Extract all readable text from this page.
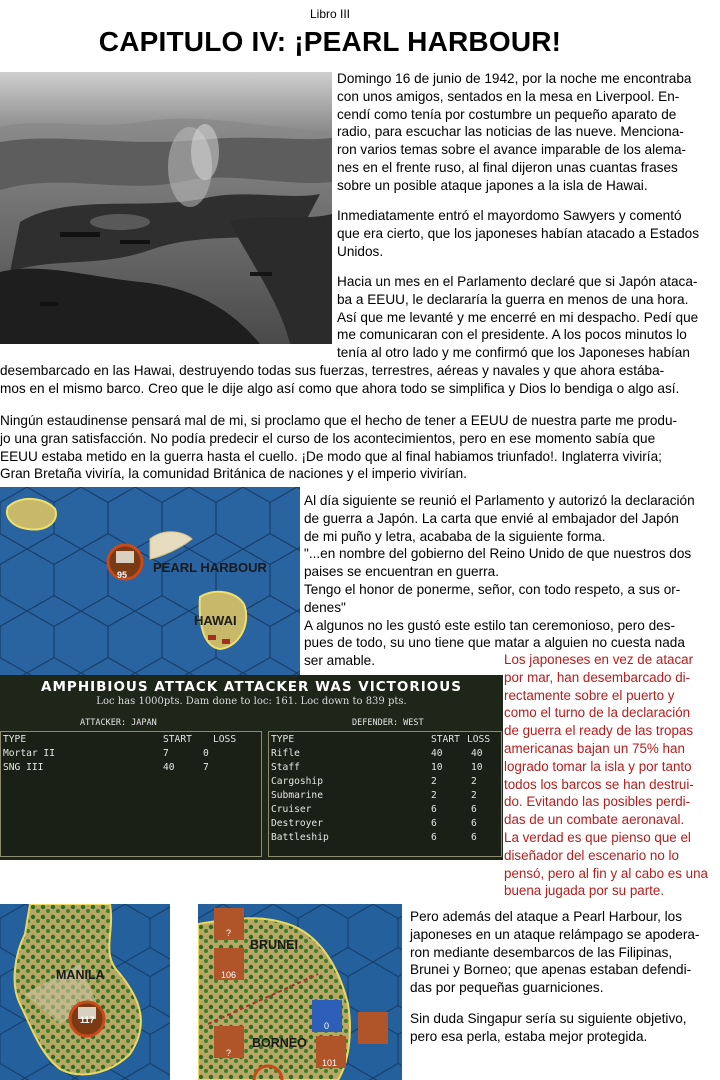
Libro III
CAPITULO IV: ¡PEARL HARBOUR!
Domingo 16 de junio de 1942, por la noche me encontraba
con unos amigos, sentados en la mesa en Liverpool. En-
cendí como tenía por costumbre un pequeño aparato de
radio, para escuchar las noticias de las nueve. Menciona-
ron varios temas sobre el avance imparable de los alema-
nes en el frente ruso, al final dijeron unas cuantas frases
sobre un posible ataque japones a la isla de Hawai.
Inmediatamente entró el mayordomo Sawyers y comentó
que era cierto, que los japoneses habían atacado a Estados
Unidos.
Hacia un mes en el Parlamento declaré que si Japón ataca-
ba a EEUU, le declararía la guerra en menos de una hora.
Así que me levanté y me encerré en mi despacho. Pedí que
me comunicaran con el presidente. A los pocos minutos lo
tenía al otro lado y me confirmó que los Japoneses habían
desembarcado en las Hawai, destruyendo todas sus fuerzas, terrestres, aéreas y navales y que ahora estába-
mos en el mismo barco. Creo que le dije algo así como que ahora todo se simplifica y Dios lo bendiga o algo así.
Ningún estaudinense pensará mal de mi, si proclamo que el hecho de tener a EEUU de nuestra parte me produ-
jo una gran satisfacción. No podía predecir el curso de los acontecimientos, pero en ese momento sabía que
EEUU estaba metido en la guerra hasta el cuello. ¡De modo que al final habiamos triunfado!. Inglaterra viviría;
Gran Bretaña viviría, la comunidad Británica de naciones y el imperio vivirían.
PEARL HARBOUR
HAWAI
95
Al día siguiente se reunió el Parlamento y autorizó la declaración
de guerra a Japón. La carta que envié al embajador del Japón
de mi puño y letra, acababa de la siguiente forma.
"...en nombre del gobierno del Reino Unido de que nuestros dos
paises se encuentran en guerra.
Tengo el honor de ponerme, señor, con todo respeto, a sus or-
denes"
A algunos no les gustó este estilo tan ceremonioso, pero des-
pues de todo, su uno tiene que matar a alguien no cuesta nada
ser amable.	Los japoneses en vez de atacar
por mar, han desembarcado di-
rectamente sobre el puerto y
como el turno de la declaración
de guerra el ready de las tropas
americanas bajan un 75% han
logrado tomar la isla y por tanto
todos los barcos se han destrui-
do. Evitando las posibles perdi-
das de un combate aeronaval.
La verdad es que pienso que el
diseñador del escenario no lo
pensó, pero al fin y al cabo es una
buena jugada por su parte.
AMPHIBIOUS ATTACK ATTACKER WAS VICTORIOUS
Loc has 1000pts. Dam done to loc: 161. Loc down to 839 pts.
ATTACKER: JAPAN	DEFENDER: WEST
TYPE	START LOSS
Mortar II	7	0
SNG III	40	7
TYPE	START LOSS
Rifle	40	40
Staff	10	10
Cargoship	2	2
Submarine	2	2
Cruiser	6	6
Destroyer	6	6
Battleship	6	6
MANILA
117
BRUNEI
BORNEO
?
106
?
0
101
Pero además del ataque a Pearl Harbour, los
japoneses en un ataque relámpago se apodera-
ron mediante desembarcos de las Filipinas,
Brunei y Borneo; que apenas estaban defendi-
das por pequeñas guarniciones.
Sin duda Singapur sería su siguiente objetivo,
pero esa perla, estaba mejor protegida.
